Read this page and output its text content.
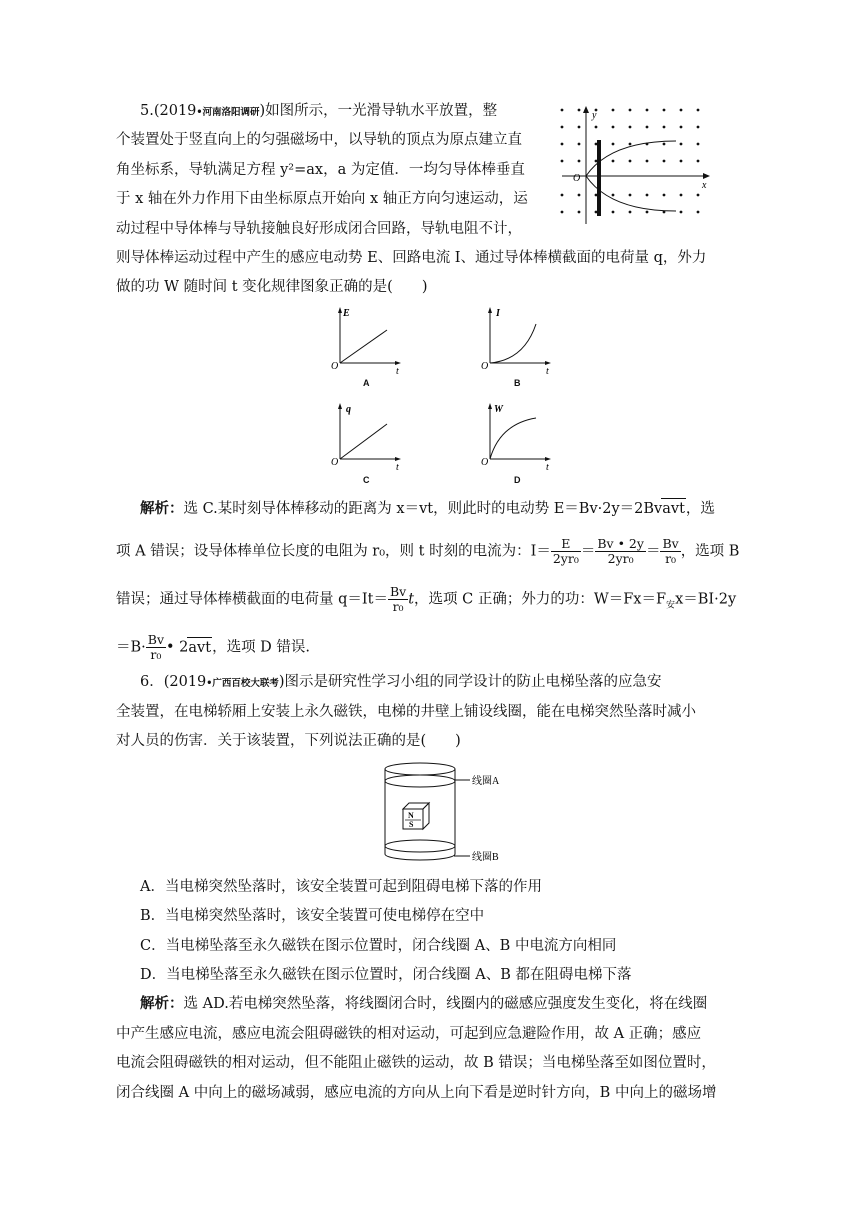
5.(2019•河南洛阳调研)如图所示，一光滑导轨水平放置，整
个装置处于竖直向上的匀强磁场中，以导轨的顶点为原点建立直
角坐标系，导轨满足方程 y²=ax，a 为定值．一均匀导体棒垂直
于 x 轴在外力作用下由坐标原点开始向 x 轴正方向匀速运动，运
动过程中导体棒与导轨接触良好形成闭合回路，导轨电阻不计，
则导体棒运动过程中产生的感应电动势 E、回路电流 I、通过导体棒横截面的电荷量 q，外力
做的功 W 随时间 t 变化规律图象正确的是(　　)
y
x
O
E
t
O
A
I
t
O
B
q
t
O
C
W
t
O
D
解析：选 C.某时刻导体棒移动的距离为 x＝vt，则此时的电动势 E＝Bv·2y＝2Bvavt，选
项 A 错误；设导体棒单位长度的电阻为 r₀，则 t 时刻的电流为：$I= \frac{E}{\text{2yr₀}} = \frac{Bv • 2y}{\text{2yr₀}} = \frac{Bv}{\text{r₀}}$ ，选项 B
错误；通过导体棒横截面的电荷量 $q=It= \frac{Bv}{\text{r₀}}$ t，选项 C 正确；外力的功：$W=Fx=F_安x=BI\cdot 2y$
$=B\cdot \frac{Bv}{\text{r₀}}$ • 2avt，选项 D 错误.
6．(2019•广西百校大联考)图示是研究性学习小组的同学设计的防止电梯坠落的应急安
全装置，在电梯轿厢上安装上永久磁铁，电梯的井壁上铺设线圈，能在电梯突然坠落时减小
对人员的伤害．关于该装置，下列说法正确的是(　　)
N
S
线圈A
线圈B
A．当电梯突然坠落时，该安全装置可起到阻碍电梯下落的作用
B．当电梯突然坠落时，该安全装置可使电梯停在空中
C．当电梯坠落至永久磁铁在图示位置时，闭合线圈 A、B 中电流方向相同
D．当电梯坠落至永久磁铁在图示位置时，闭合线圈 A、B 都在阻碍电梯下落
解析：选 AD.若电梯突然坠落，将线圈闭合时，线圈内的磁感应强度发生变化，将在线圈
中产生感应电流，感应电流会阻碍磁铁的相对运动，可起到应急避险作用，故 A 正确；感应
电流会阻碍磁铁的相对运动，但不能阻止磁铁的运动，故 B 错误；当电梯坠落至如图位置时，
闭合线圈 A 中向上的磁场减弱，感应电流的方向从上向下看是逆时针方向，B 中向上的磁场增
